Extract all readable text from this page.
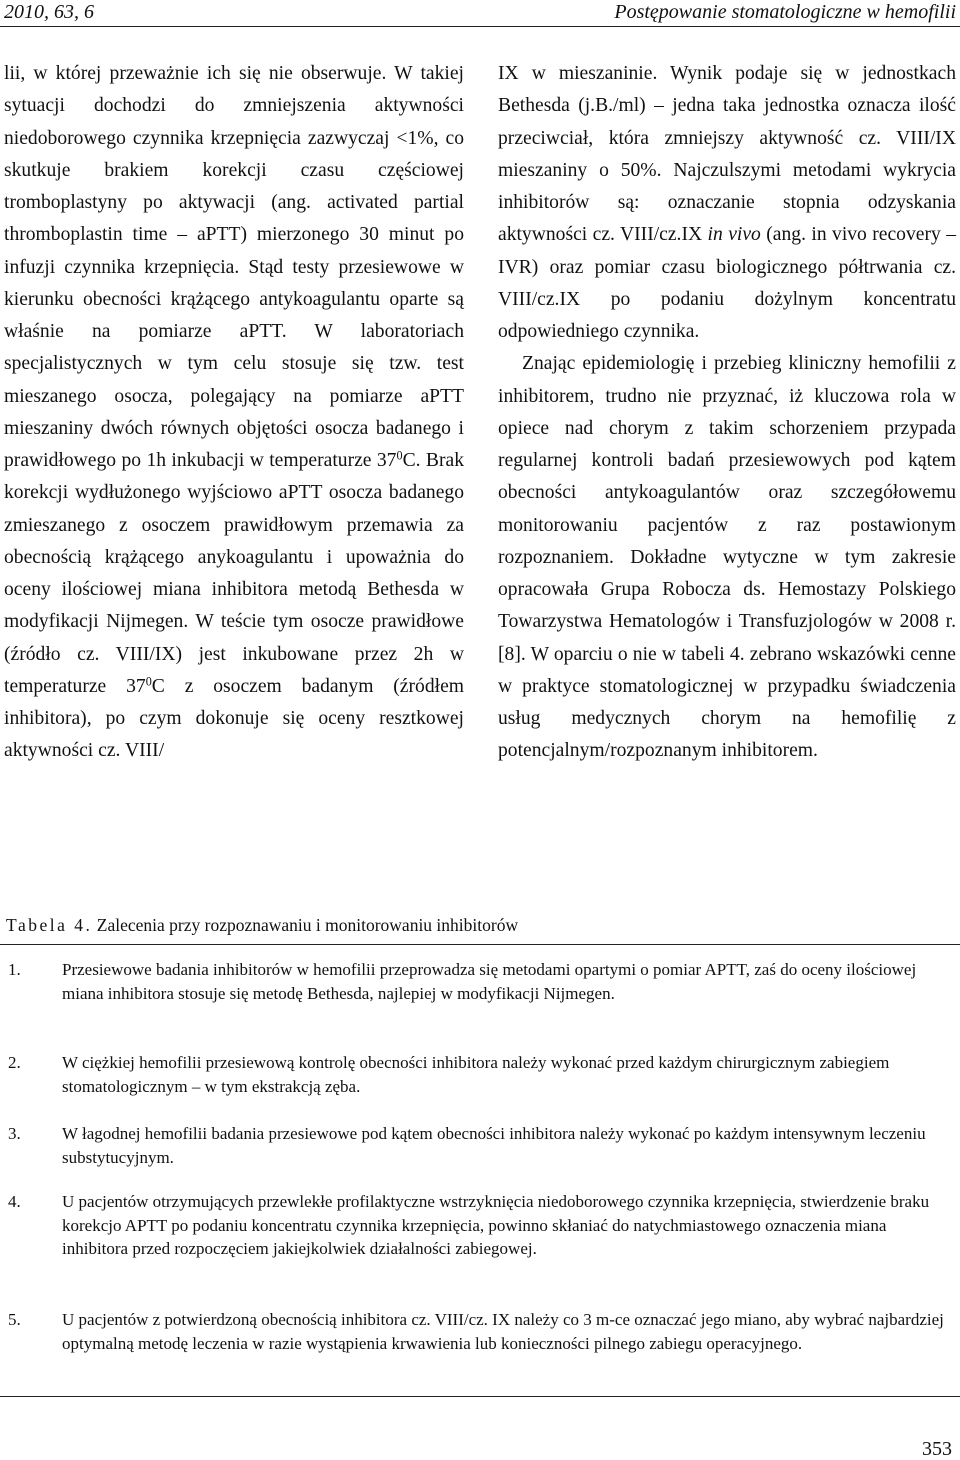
2010, 63, 6	Postępowanie stomatologiczne w hemofilii

lii, w której przeważnie ich się nie obserwuje. W takiej sytuacji dochodzi do zmniejszenia aktywności niedoborowego czynnika krzepnięcia zazwyczaj <1%, co skutkuje brakiem korekcji czasu częściowej tromboplastyny po aktywacji (ang. activated partial thromboplastin time – aPTT) mierzonego 30 minut po infuzji czynnika krzepnięcia. Stąd testy przesiewowe w kierunku obecności krążącego antykoagulantu oparte są właśnie na pomiarze aPTT. W laboratoriach specjalistycznych w tym celu stosuje się tzw. test mieszanego osocza, polegający na pomiarze aPTT mieszaniny dwóch równych objętości osocza badanego i prawidłowego po 1h inkubacji w temperaturze $37^0C$. Brak korekcji wydłużonego wyjściowo aPTT osocza badanego zmieszanego z osoczem prawidłowym przemawia za obecnością krążącego anykoagulantu i upoważnia do oceny ilościowej miana inhibitora metodą Bethesda w modyfikacji Nijmegen. W teście tym osocze prawidłowe (źródło cz. VIII/IX) jest inkubowane przez 2h w temperaturze $37^0C$ z osoczem badanym (źródłem inhibitora), po czym dokonuje się oceny resztkowej aktywności cz. VIII/

IX w mieszaninie. Wynik podaje się w jednostkach Bethesda (j.B./ml) – jedna taka jednostka oznacza ilość przeciwciał, która zmniejszy aktywność cz. VIII/IX mieszaniny o 50%. Najczulszymi metodami wykrycia inhibitorów są: oznaczanie stopnia odzyskania aktywności cz. VIII/cz.IX in vivo (ang. in vivo recovery – IVR) oraz pomiar czasu biologicznego półtrwania cz. VIII/cz.IX po podaniu dożylnym koncentratu odpowiedniego czynnika.

Znając epidemiologię i przebieg kliniczny hemofilii z inhibitorem, trudno nie przyznać, iż kluczowa rola w opiece nad chorym z takim schorzeniem przypada regularnej kontroli badań przesiewowych pod kątem obecności antykoagulantów oraz szczegółowemu monitorowaniu pacjentów z raz postawionym rozpoznaniem. Dokładne wytyczne w tym zakresie opracowała Grupa Robocza ds. Hemostazy Polskiego Towarzystwa Hematologów i Transfuzjologów w 2008 r. [8]. W oparciu o nie w tabeli 4. zebrano wskazówki cenne w praktyce stomatologicznej w przypadku świadczenia usług medycznych chorym na hemofilię z potencjalnym/rozpoznanym inhibitorem.

Tabela 4. Zalecenia przy rozpoznawaniu i monitorowaniu inhibitorów
1. Przesiewowe badania inhibitorów w hemofilii przeprowadza się metodami opartymi o pomiar APTT, zaś do oceny ilościowej miana inhibitora stosuje się metodę Bethesda, najlepiej w modyfikacji Nijmegen.
2. W ciężkiej hemofilii przesiewową kontrolę obecności inhibitora należy wykonać przed każdym chirurgicznym zabiegiem stomatologicznym – w tym ekstrakcją zęba.
3. W łagodnej hemofilii badania przesiewowe pod kątem obecności inhibitora należy wykonać po każdym intensywnym leczeniu substytucyjnym.
4. U pacjentów otrzymujących przewlekłe profilaktyczne wstrzyknięcia niedoborowego czynnika krzepnięcia, stwierdzenie braku korekcjo APTT po podaniu koncentratu czynnika krzepnięcia, powinno skłaniać do natychmiastowego oznaczenia miana inhibitora przed rozpoczęciem jakiejkolwiek działalności zabiegowej.
5. U pacjentów z potwierdzoną obecnością inhibitora cz. VIII/cz. IX należy co 3 m-ce oznaczać jego miano, aby wybrać najbardziej optymalną metodę leczenia w razie wystąpienia krwawienia lub konieczności pilnego zabiegu operacyjnego.
353
